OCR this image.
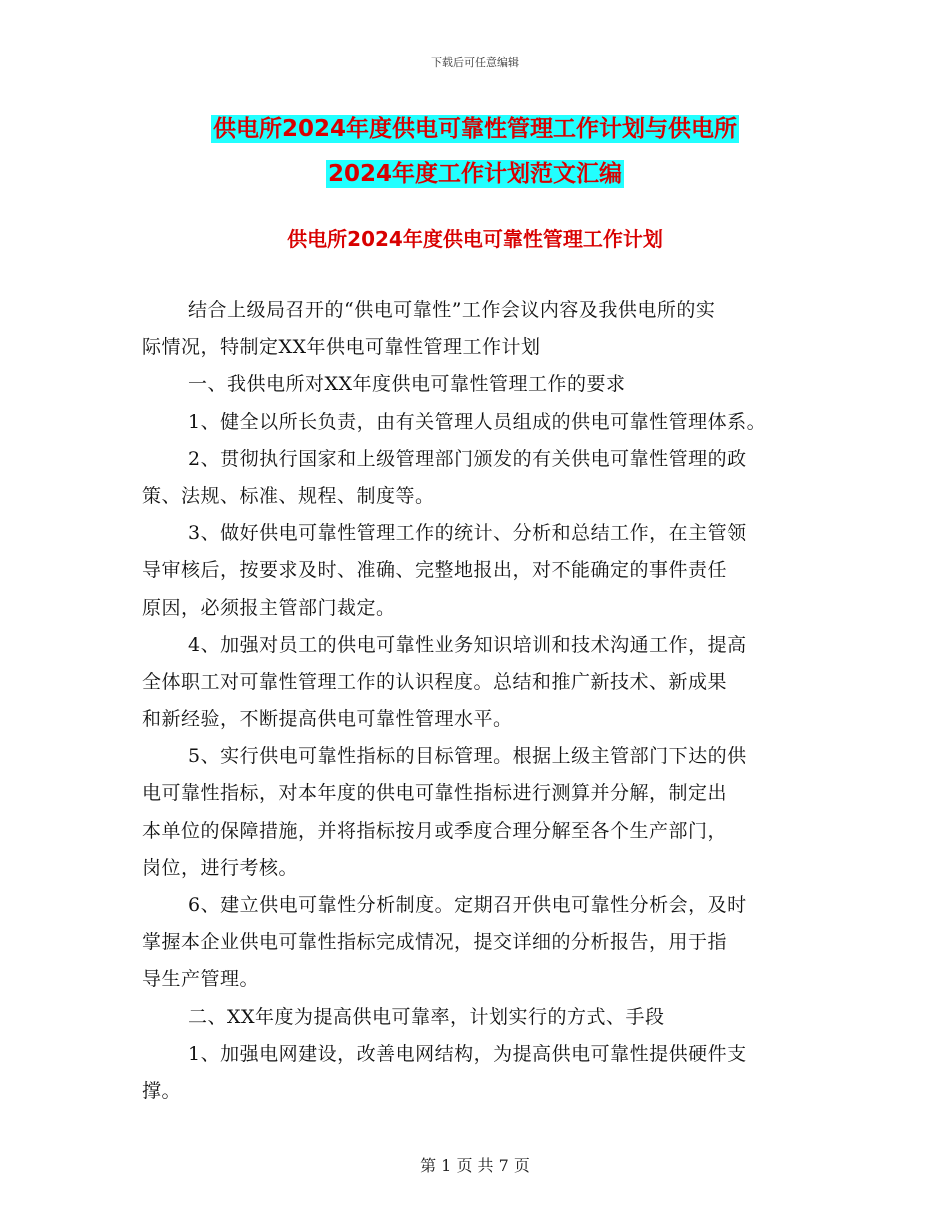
下载后可任意编辑
供电所2024年度供电可靠性管理工作计划与供电所
2024年度工作计划范文汇编
供电所2024年度供电可靠性管理工作计划
结合上级局召开的“供电可靠性”工作会议内容及我供电所的实
际情况，特制定XX年供电可靠性管理工作计划
一、我供电所对XX年度供电可靠性管理工作的要求
1、健全以所长负责，由有关管理人员组成的供电可靠性管理体系。
2、贯彻执行国家和上级管理部门颁发的有关供电可靠性管理的政
策、法规、标准、规程、制度等。
3、做好供电可靠性管理工作的统计、分析和总结工作，在主管领
导审核后，按要求及时、准确、完整地报出，对不能确定的事件责任
原因，必须报主管部门裁定。
4、加强对员工的供电可靠性业务知识培训和技术沟通工作，提高
全体职工对可靠性管理工作的认识程度。总结和推广新技术、新成果
和新经验，不断提高供电可靠性管理水平。
5、实行供电可靠性指标的目标管理。根据上级主管部门下达的供
电可靠性指标，对本年度的供电可靠性指标进行测算并分解，制定出
本单位的保障措施，并将指标按月或季度合理分解至各个生产部门，
岗位，进行考核。
6、建立供电可靠性分析制度。定期召开供电可靠性分析会，及时
掌握本企业供电可靠性指标完成情况，提交详细的分析报告，用于指
导生产管理。
二、XX年度为提高供电可靠率，计划实行的方式、手段
1、加强电网建设，改善电网结构，为提高供电可靠性提供硬件支
撑。
第 1 页 共 7 页
